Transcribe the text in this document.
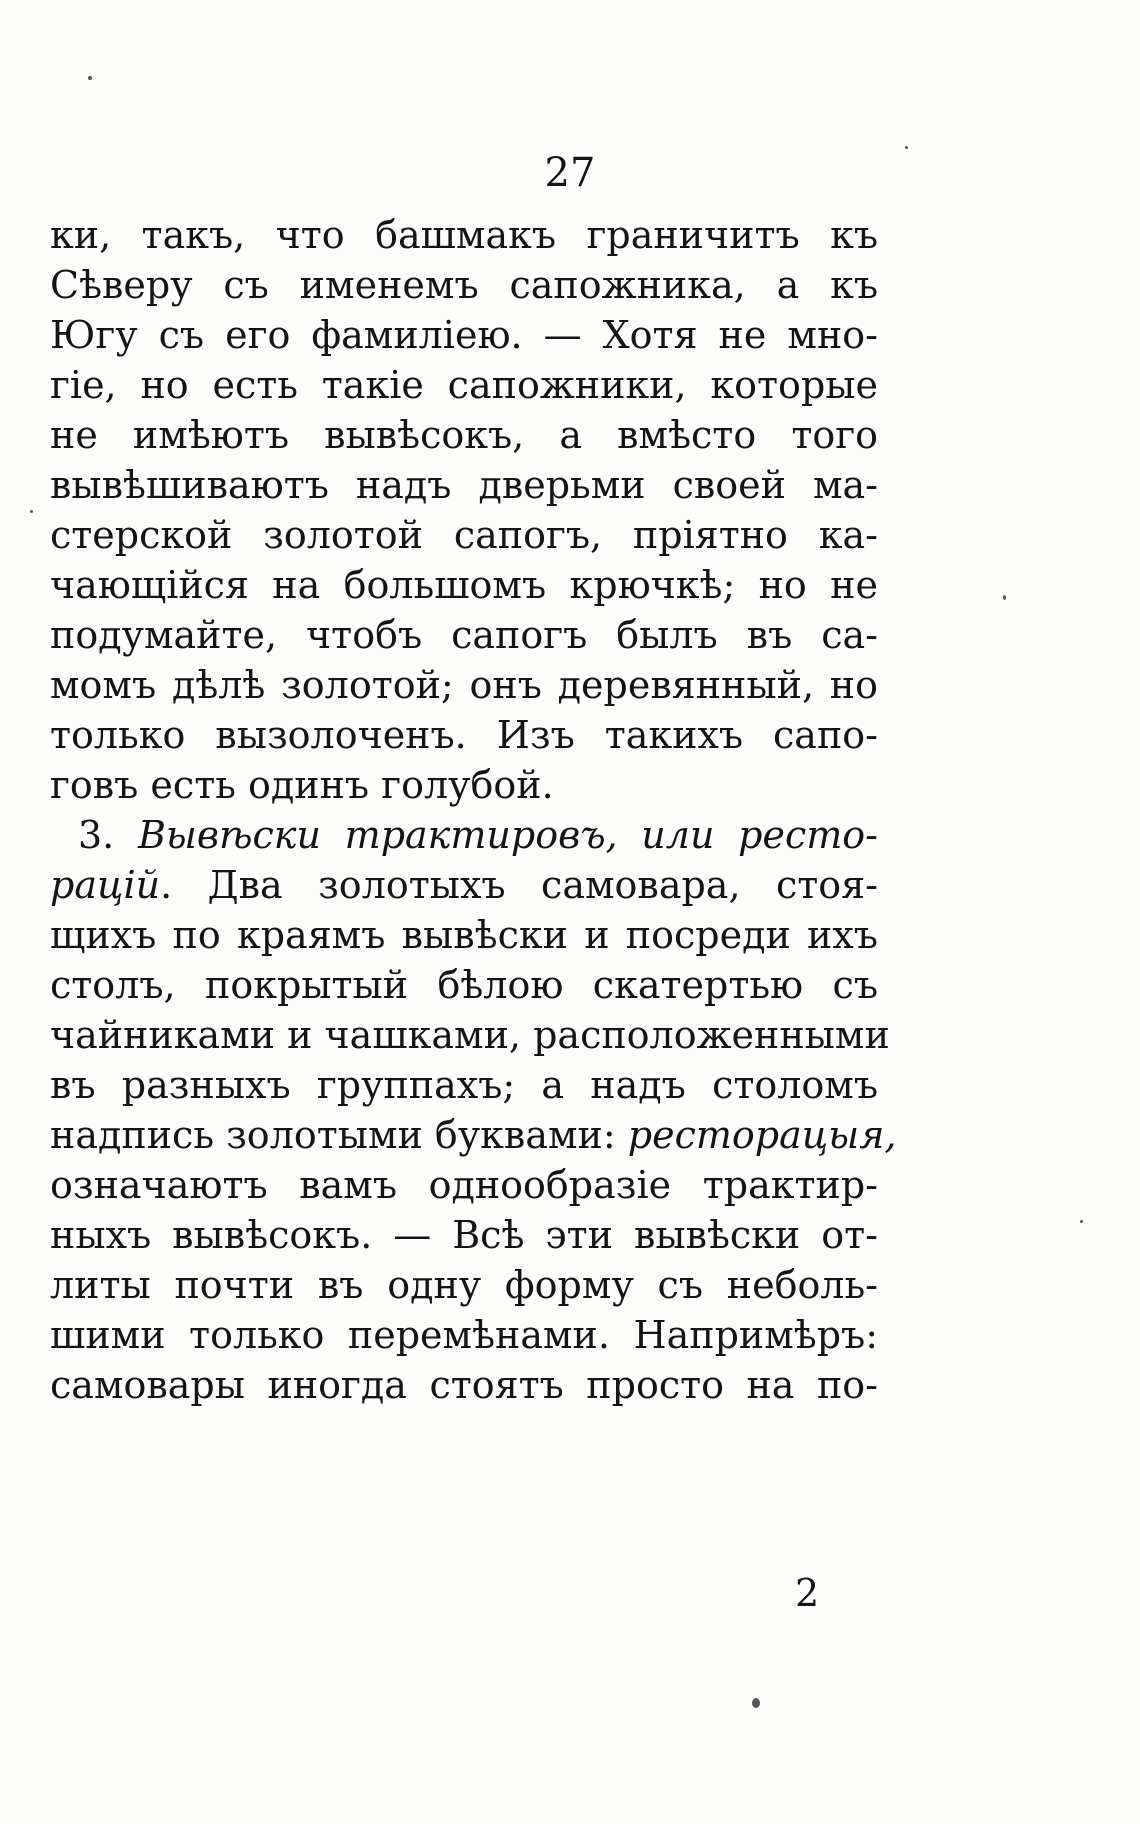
27
ки, такъ, что башмакъ граничитъ къ
Сѣверу съ именемъ сапожника, а къ
Югу съ его фамиліею. — Хотя не мно-
гіе, но есть такіе сапожники, которые
не имѣютъ вывѣсокъ, а вмѣсто того
вывѣшиваютъ надъ дверьми своей ма-
стерской золотой сапогъ, пріятно ка-
чающійся на большомъ крючкѣ; но не
подумайте, чтобъ сапогъ былъ въ са-
момъ дѣлѣ золотой; онъ деревянный, но
только вызолоченъ. Изъ такихъ сапо-
говъ есть одинъ голубой.
3. Вывѣски трактировъ, или ресто-
рацій. Два золотыхъ самовара, стоя-
щихъ по краямъ вывѣски и посреди ихъ
столъ, покрытый бѣлою скатертью съ
чайниками и чашками, расположенными
въ разныхъ группахъ; а надъ столомъ
надпись золотыми буквами: ресторацыя,
означаютъ вамъ однообразіе трактир-
ныхъ вывѣсокъ. — Всѣ эти вывѣски от-
литы почти въ одну форму съ неболь-
шими только перемѣнами. Напримѣръ:
самовары иногда стоятъ просто на по-
2
